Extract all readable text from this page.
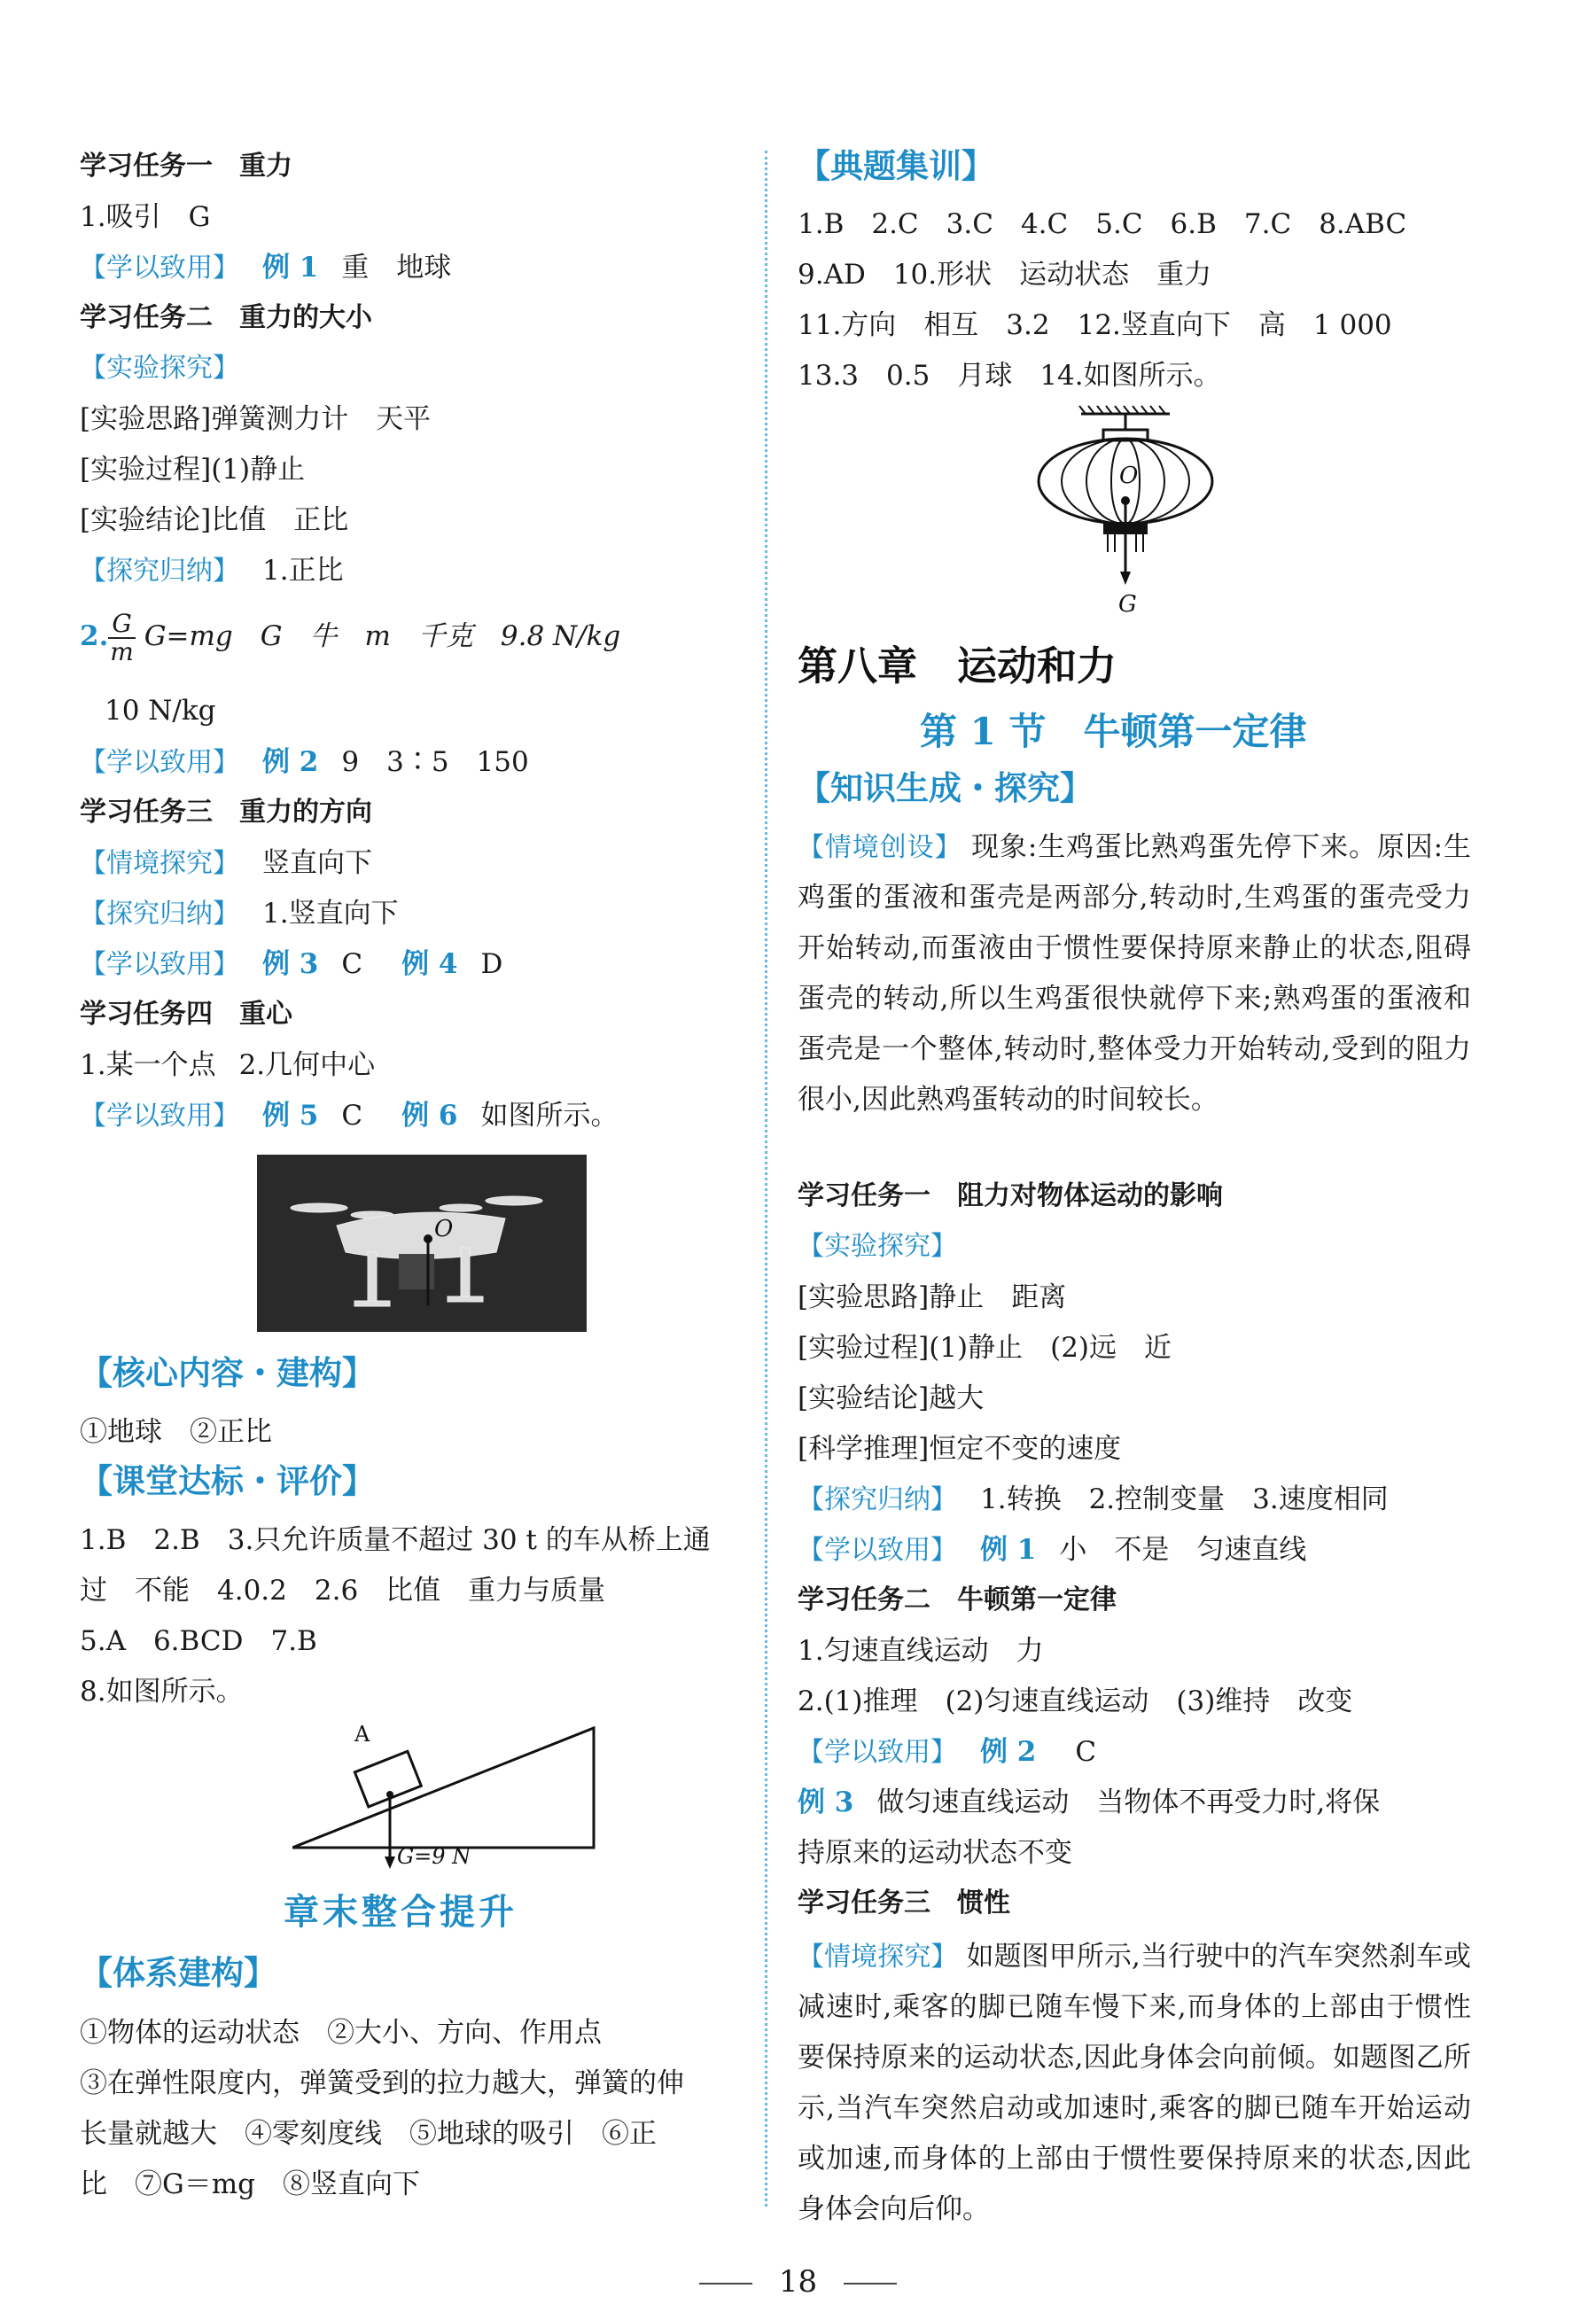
学习任务一　重力
1.吸引　G
【学以致用】 例 1 重　地球
学习任务二　重力的大小
【实验探究】
[实验思路]弹簧测力计　天平
[实验过程](1)静止
[实验结论]比值　正比
【探究归纳】 1.正比
2. $\frac{G}{m} G=mg$　G　牛　m　千克　9.8 N/kg
10 N/kg
【学以致用】 例 2 9　3∶5　150
学习任务三　重力的方向
【情境探究】 竖直向下
【探究归纳】 1.竖直向下
【学以致用】 例 3 C 例 4 D
学习任务四　重心
1.某一个点 2.几何中心
【学以致用】 例 5 C 例 6 如图所示。
O
【核心内容・建构】
①地球　②正比
【课堂达标・评价】
1.B　2.B　3.只允许质量不超过 30 t 的车从桥上通
过　不能　4.0.2　2.6　比值　重力与质量
5.A　6.BCD　7.B
8.如图所示。
A
G=9 N
章末整合提升
【体系建构】
①物体的运动状态　②大小、方向、作用点
③在弹性限度内，弹簧受到的拉力越大，弹簧的伸
长量就越大　④零刻度线　⑤地球的吸引　⑥正
比　⑦G＝mg　⑧竖直向下
【典题集训】
1.B　2.C　3.C　4.C　5.C　6.B　7.C　8.ABC
9.AD　10.形状　运动状态　重力
11.方向　相互　3.2　12.竖直向下　高　1 000
13.3　0.5　月球　14.如图所示。
O
G
第八章　运动和力
第 1 节　牛顿第一定律
【知识生成・探究】
【情境创设】 现象:生鸡蛋比熟鸡蛋先停下来。原因:生鸡蛋的蛋液和蛋壳是两部分,转动时,生鸡蛋的蛋壳受力开始转动,而蛋液由于惯性要保持原来静止的状态,阻碍蛋壳的转动,所以生鸡蛋很快就停下来;熟鸡蛋的蛋液和蛋壳是一个整体,转动时,整体受力开始转动,受到的阻力很小,因此熟鸡蛋转动的时间较长。
学习任务一　阻力对物体运动的影响
【实验探究】
[实验思路]静止　距离
[实验过程](1)静止　(2)远　近
[实验结论]越大
[科学推理]恒定不变的速度
【探究归纳】 1.转换　2.控制变量　3.速度相同
【学以致用】 例 1 小　不是　匀速直线
学习任务二　牛顿第一定律
1.匀速直线运动　力
2.(1)推理　(2)匀速直线运动　(3)维持　改变
【学以致用】 例 2 C
例 3 做匀速直线运动　当物体不再受力时,将保
持原来的运动状态不变
学习任务三　惯性
【情境探究】 如题图甲所示,当行驶中的汽车突然刹车或减速时,乘客的脚已随车慢下来,而身体的上部由于惯性要保持原来的运动状态,因此身体会向前倾。如题图乙所示,当汽车突然启动或加速时,乘客的脚已随车开始运动或加速,而身体的上部由于惯性要保持原来的状态,因此身体会向后仰。
18
